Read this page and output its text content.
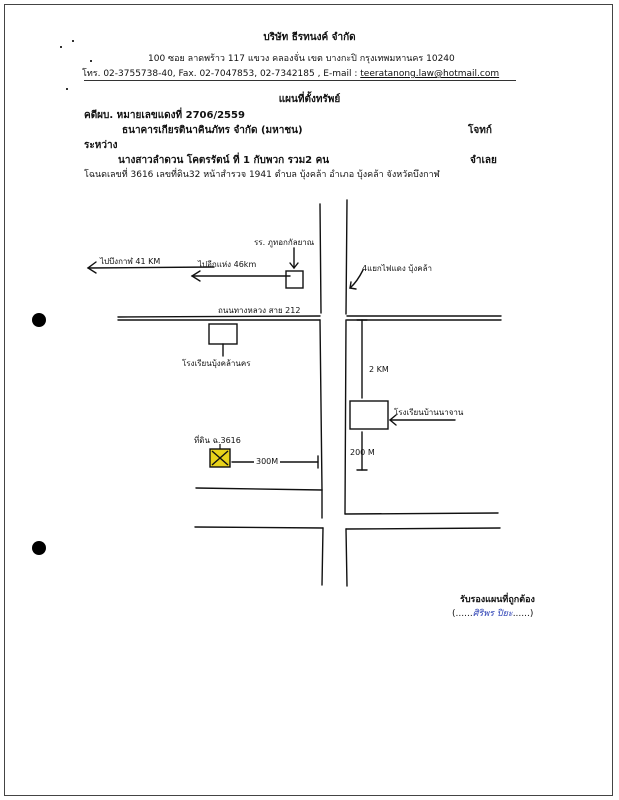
บริษัท ธีรทนงค์ จำกัด
100 ซอย ลาดพร้าว 117 แขวง คลองจั่น เขต บางกะปิ กรุงเทพมหานคร 10240
โทร. 02-3755738-40, Fax. 02-7047853, 02-7342185 , E-mail : teeratanong.law@hotmail.com
แผนที่ตั้งทรัพย์
คดีผบ. หมายเลขแดงที่ 2706/2559
ธนาคารเกียรตินาคินภัทร จำกัด (มหาชน)	โจทก์
ระหว่าง
นางสาวลำดวน โคตรรัตน์ ที่ 1 กับพวก รวม2 คน	จำเลย
โฉนดเลขที่ 3616 เลขที่ดิน32 หน้าสำรวจ 1941 ตำบล บุ้งคล้า อำเภอ บุ้งคล้า จังหวัดบึงกาฬ
ไปบึงกาฬ 41 KM	ไปอีกแห่ง 46km
รร. ภูทอกกัลยาณ
4แยกไฟแดง บุ้งคล้า
ถนนทางหลวง สาย 212
โรงเรียนบุ้งคล้านคร
2 KM
โรงเรียนบ้านนาจาน
200 M
ที่ดิน ฉ.3616
300M
รับรองแผนที่ถูกต้อง
(......ศิริพร ปิยะ......)
